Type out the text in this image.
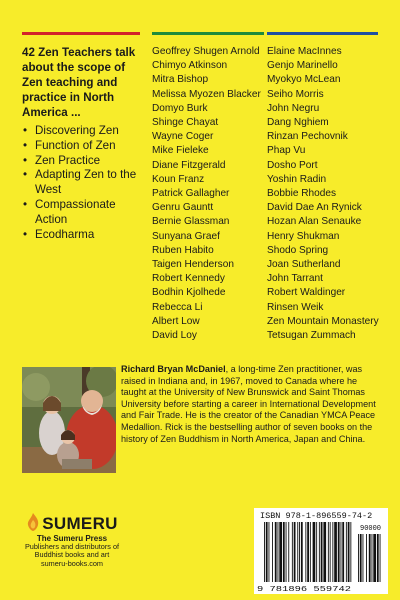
42 Zen Teachers talk about the scope of Zen teaching and practice in North America ...
• Discovering Zen
• Function of Zen
• Zen Practice
• Adapting Zen to the West
• Compassionate Action
• Ecodharma
Geoffrey Shugen Arnold
Chimyo Atkinson
Mitra Bishop
Melissa Myozen Blacker
Domyo Burk
Shinge Chayat
Wayne Coger
Mike Fieleke
Diane Fitzgerald
Koun Franz
Patrick Gallagher
Genru Gauntt
Bernie Glassman
Sunyana Graef
Ruben Habito
Taigen Henderson
Robert Kennedy
Bodhin Kjolhede
Rebecca Li
Albert Low
David Loy
Elaine MacInnes
Genjo Marinello
Myokyo McLean
Seiho Morris
John Negru
Dang Nghiem
Rinzan Pechovnik
Phap Vu
Dosho Port
Yoshin Radin
Bobbie Rhodes
David Dae An Rynick
Hozan Alan Senauke
Henry Shukman
Shodo Spring
Joan Sutherland
John Tarrant
Robert Waldinger
Rinsen Weik
Zen Mountain Monastery
Tetsugan Zummach
Richard Bryan McDaniel, a long-time Zen practitioner, was raised in Indiana and, in 1967, moved to Canada where he taught at the University of New Brunswick and Saint Thomas University before starting a career in International Development and Fair Trade. He is the creator of the Canadian YMCA Peace Medallion. Rick is the bestselling author of seven books on the history of Zen Buddhism in North America, Japan and China.
SUMERU
The Sumeru Press
Publishers and distributors of Buddhist books and art
sumeru-books.com
ISBN 978-1-896559-74-2
90000
9 781896 559742
